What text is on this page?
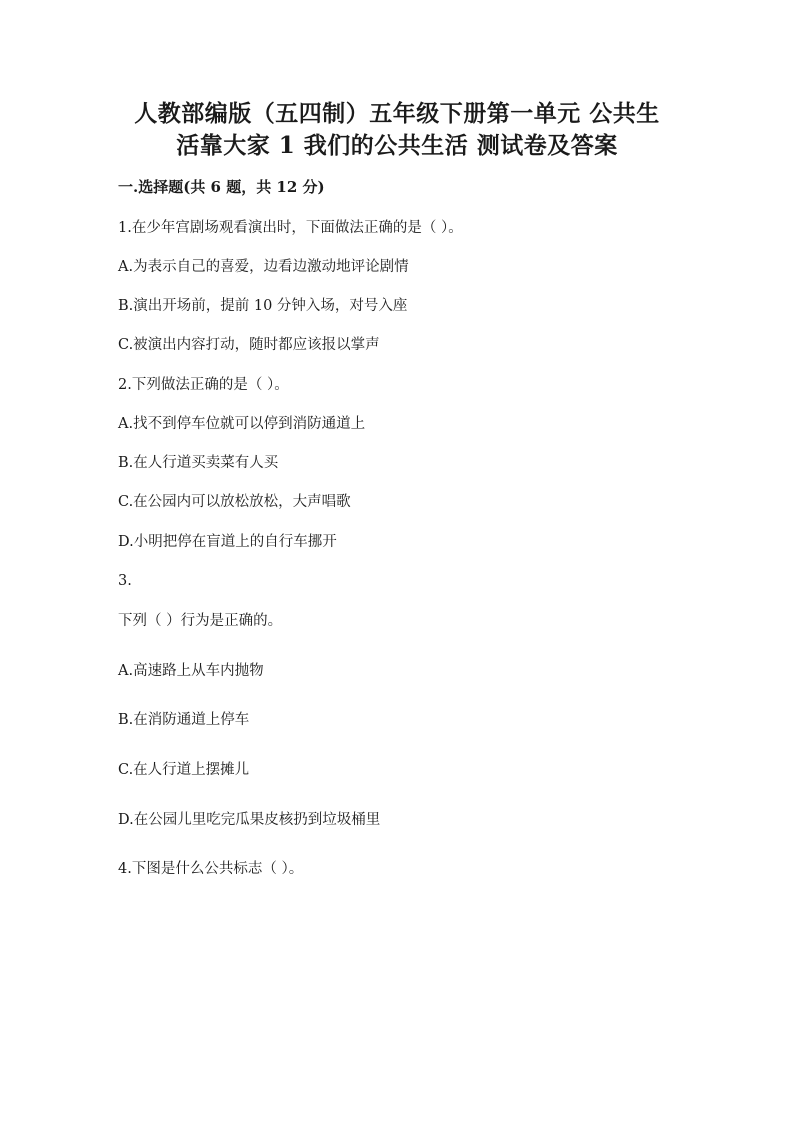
人教部编版（五四制）五年级下册第一单元 公共生
活靠大家 1 我们的公共生活 测试卷及答案
一.选择题(共 6 题，共 12 分)
1.在少年宫剧场观看演出时，下面做法正确的是（ ）。
A.为表示自己的喜爱，边看边激动地评论剧情
B.演出开场前，提前 10 分钟入场，对号入座
C.被演出内容打动，随时都应该报以掌声
2.下列做法正确的是（ ）。
A.找不到停车位就可以停到消防通道上
B.在人行道买卖菜有人买
C.在公园内可以放松放松，大声唱歌
D.小明把停在盲道上的自行车挪开
3.
下列（ ）行为是正确的。
A.高速路上从车内抛物
B.在消防通道上停车
C.在人行道上摆摊儿
D.在公园儿里吃完瓜果皮核扔到垃圾桶里
4.下图是什么公共标志（ ）。
